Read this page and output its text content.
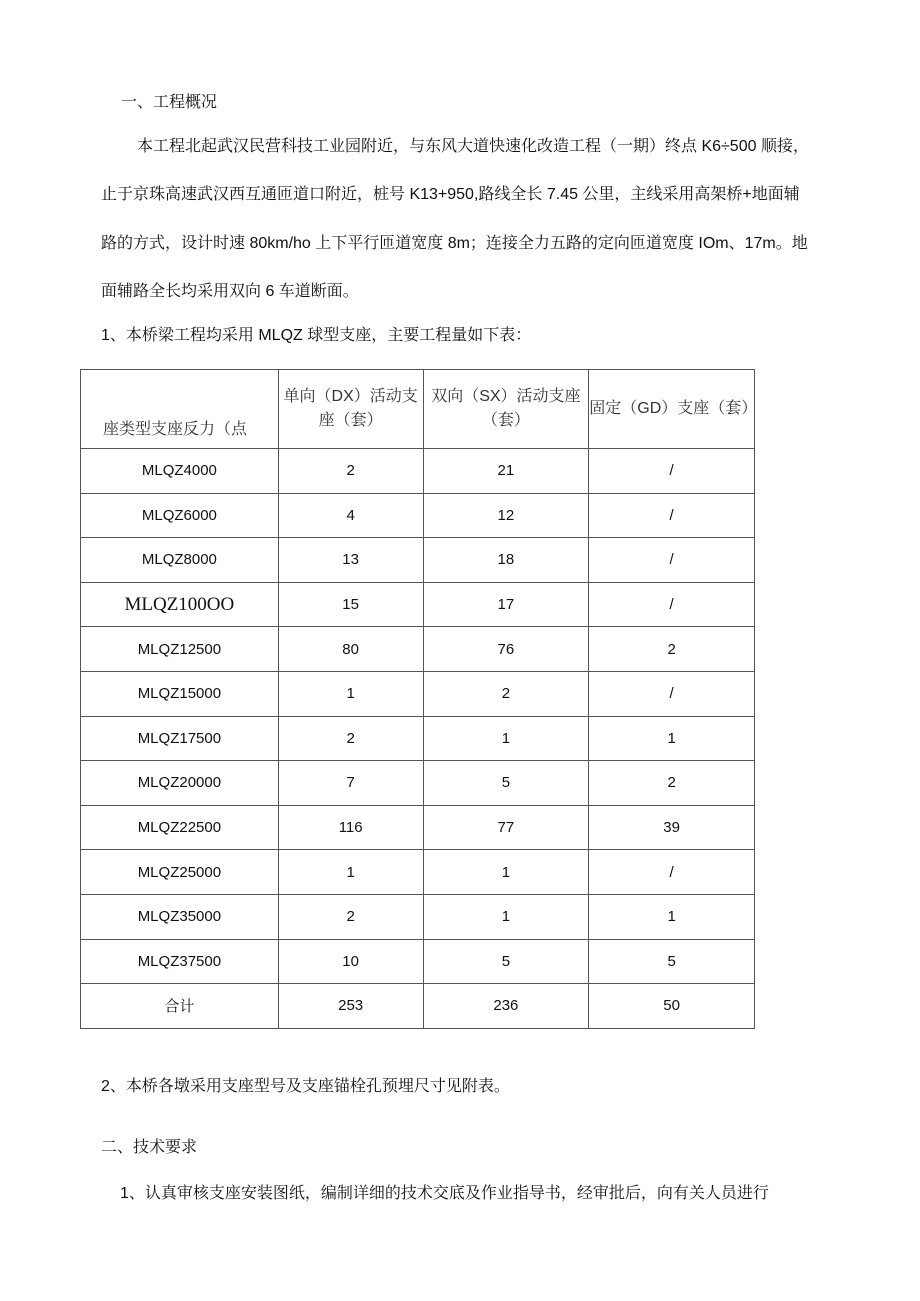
一、工程概况
本工程北起武汉民营科技工业园附近，与东风大道快速化改造工程（一期）终点 K6÷500 顺接，
止于京珠高速武汉西互通匝道口附近，桩号 K13+950,路线全长 7.45 公里，主线采用高架桥+地面辅
路的方式，设计时速 80km/ho 上下平行匝道宽度 8m；连接全力五路的定向匝道宽度 IOm、17m。地
面辅路全长均采用双向 6 车道断面。
1、本桥梁工程均采用 MLQZ 球型支座，主要工程量如下表：
座类型支座反力（点	单向（DX）活动支座（套）	双向（SX）活动支座（套）	固定（GD）支座（套）
MLQZ4000	2	21	/
MLQZ6000	4	12	/
MLQZ8000	13	18	/
MLQZ100OO	15	17	/
MLQZ12500	80	76	2
MLQZ15000	1	2	/
MLQZ17500	2	1	1
MLQZ20000	7	5	2
MLQZ22500	116	77	39
MLQZ25000	1	1	/
MLQZ35000	2	1	1
MLQZ37500	10	5	5
合计	253	236	50
2、本桥各墩采用支座型号及支座锚栓孔预埋尺寸见附表。
二、技术要求
1、认真审核支座安装图纸，编制详细的技术交底及作业指导书，经审批后，向有关人员进行
